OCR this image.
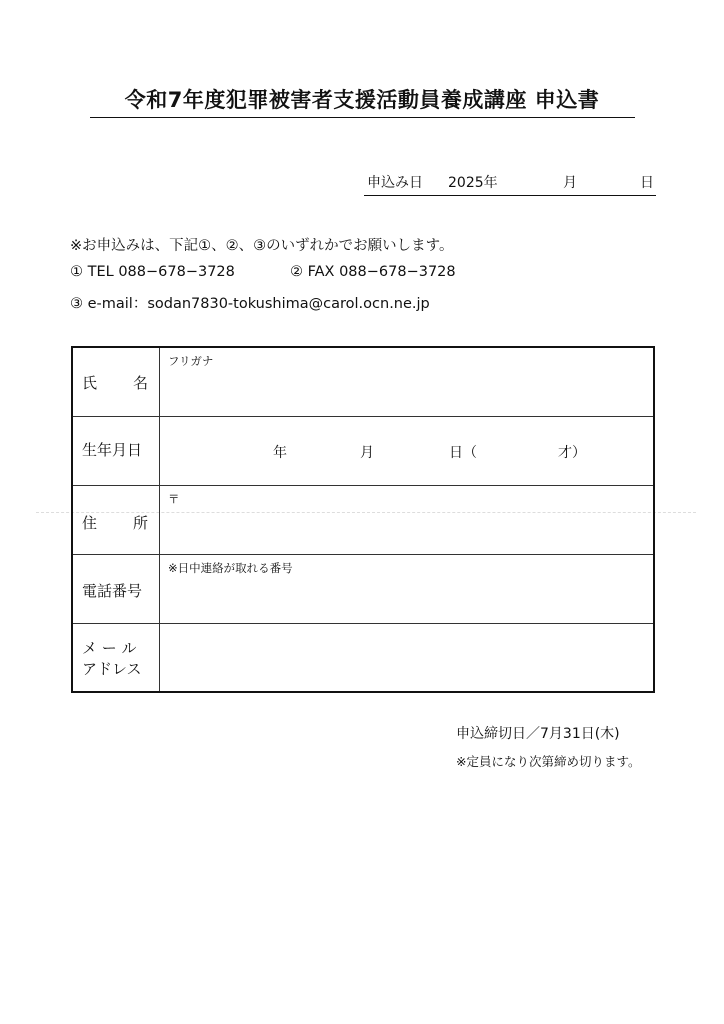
令和7年度犯罪被害者支援活動員養成講座 申込書
申込み日 2025年	月	日
※お申込みは、下記①、②、③のいずれかでお願いします。
① TEL 088−678−3728	② FAX 088−678−3728
③ e-mail：sodan7830-tokushima@carol.ocn.ne.jp
氏 名	フリガナ

生年月日	年 月 日（ 才）

住 所	〒

電話番号	※日中連絡が取れる番号

メ ー ル
アドレス	

申込締切日／7月31日(木)
※定員になり次第締め切ります。
